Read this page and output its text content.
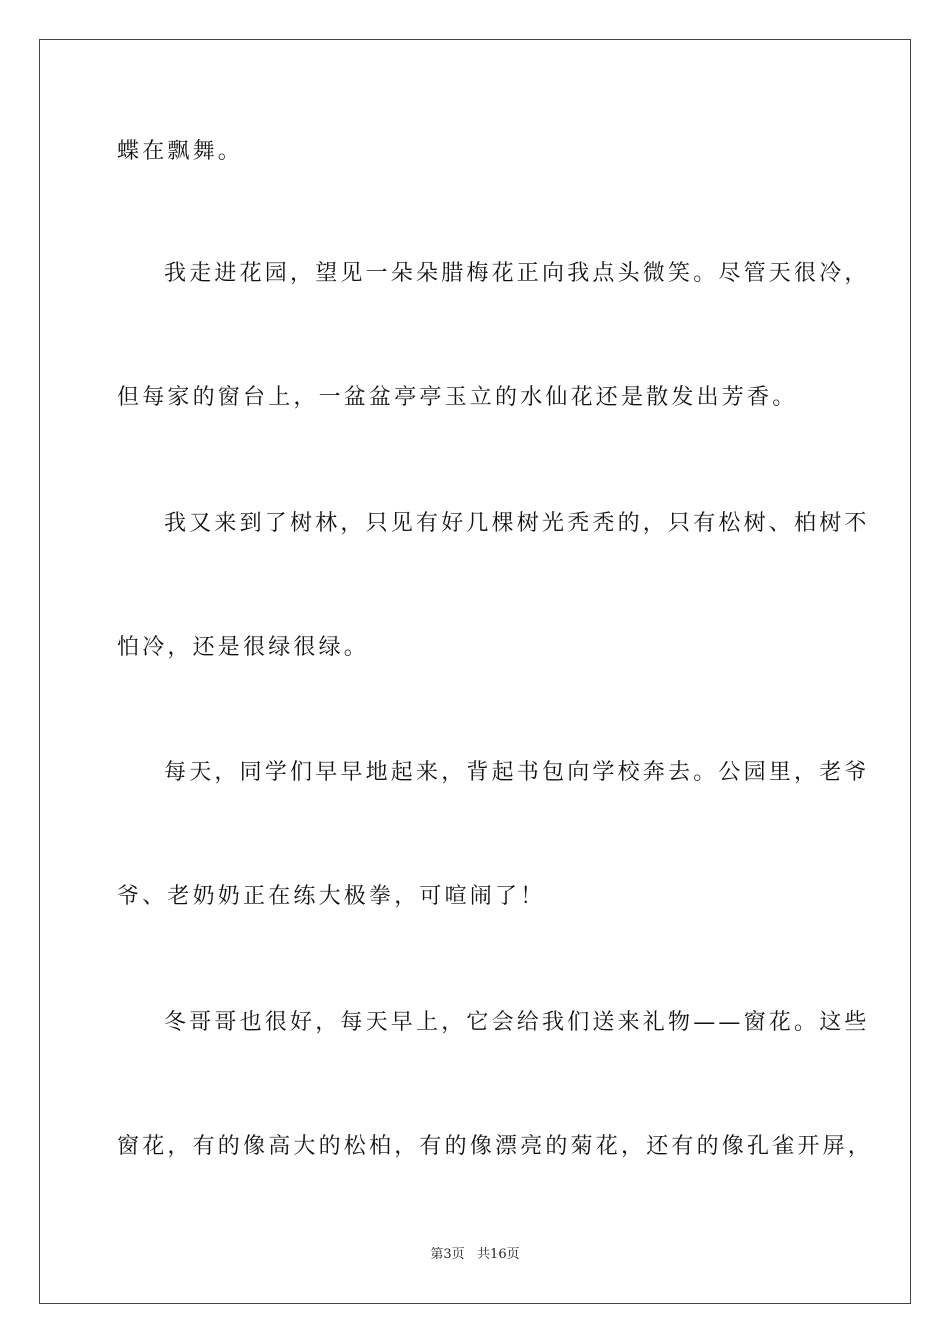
蝶在飘舞。
我走进花园，望见一朵朵腊梅花正向我点头微笑。尽管天很冷，
但每家的窗台上，一盆盆亭亭玉立的水仙花还是散发出芳香。
我又来到了树林，只见有好几棵树光秃秃的，只有松树、柏树不
怕冷，还是很绿很绿。
每天，同学们早早地起来，背起书包向学校奔去。公园里，老爷
爷、老奶奶正在练大极拳，可喧闹了！
冬哥哥也很好，每天早上，它会给我们送来礼物——窗花。这些
窗花，有的像高大的松柏，有的像漂亮的菊花，还有的像孔雀开屏，
第3页   共16页
